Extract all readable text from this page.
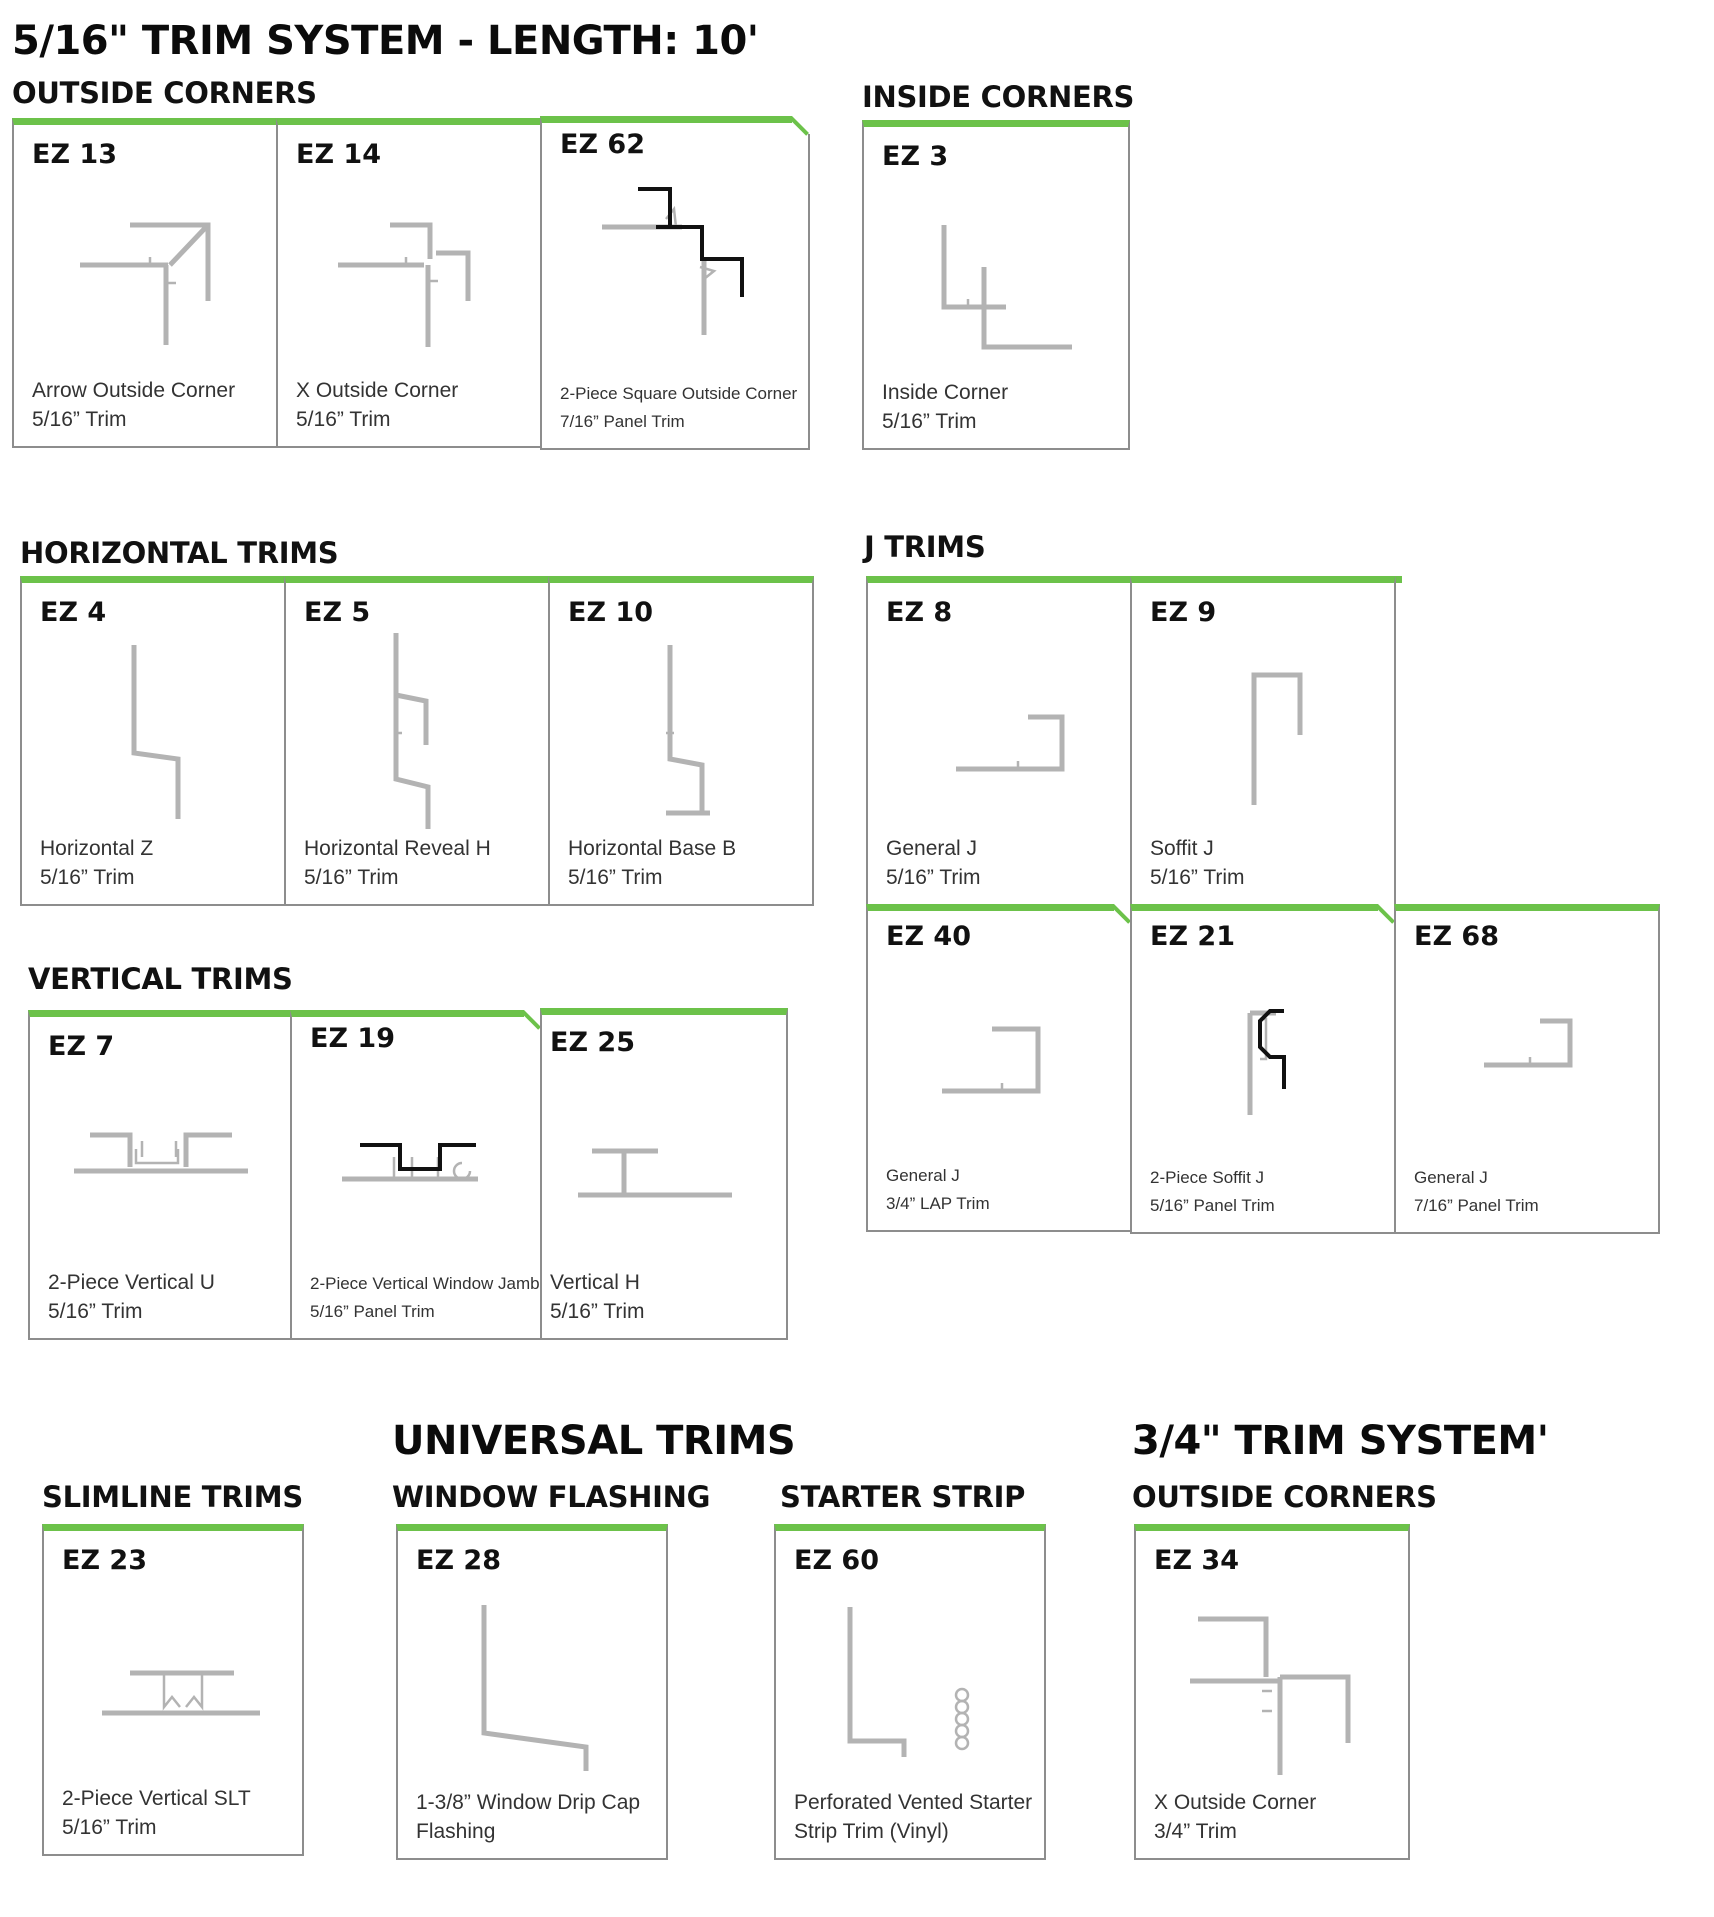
5/16" TRIM SYSTEM - LENGTH: 10'
OUTSIDE CORNERS	INSIDE CORNERS
HORIZONTAL TRIMS	J TRIMS
VERTICAL TRIMS
UNIVERSAL TRIMS
SLIMLINE TRIMS	WINDOW FLASHING STARTER STRIP
3/4" TRIM SYSTEM'
OUTSIDE CORNERS
EZ 13
Arrow Outside Corner
5/16” Trim
EZ 14
X Outside Corner
5/16” Trim
EZ 62
2-Piece Square Outside Corner
7/16” Panel Trim
EZ 3
Inside Corner
5/16” Trim
EZ 4
Horizontal Z
5/16” Trim
EZ 5
Horizontal Reveal H
5/16” Trim
EZ 10
Horizontal Base B
5/16” Trim
EZ 8
General J
5/16” Trim
EZ 9
Soffit J
5/16” Trim
EZ 40
General J
3/4” LAP Trim
EZ 21
2-Piece Soffit J
5/16” Panel Trim
EZ 68
General J
7/16” Panel Trim
EZ 7
2-Piece Vertical U
5/16” Trim
EZ 19
2-Piece Vertical Window Jamb
5/16” Panel Trim
EZ 25
Vertical H
5/16” Trim
EZ 23
2-Piece Vertical SLT
5/16” Trim
EZ 28
1-3/8” Window Drip Cap
Flashing
EZ 60
Perforated Vented Starter
Strip Trim (Vinyl)
EZ 34
X Outside Corner
3/4” Trim
